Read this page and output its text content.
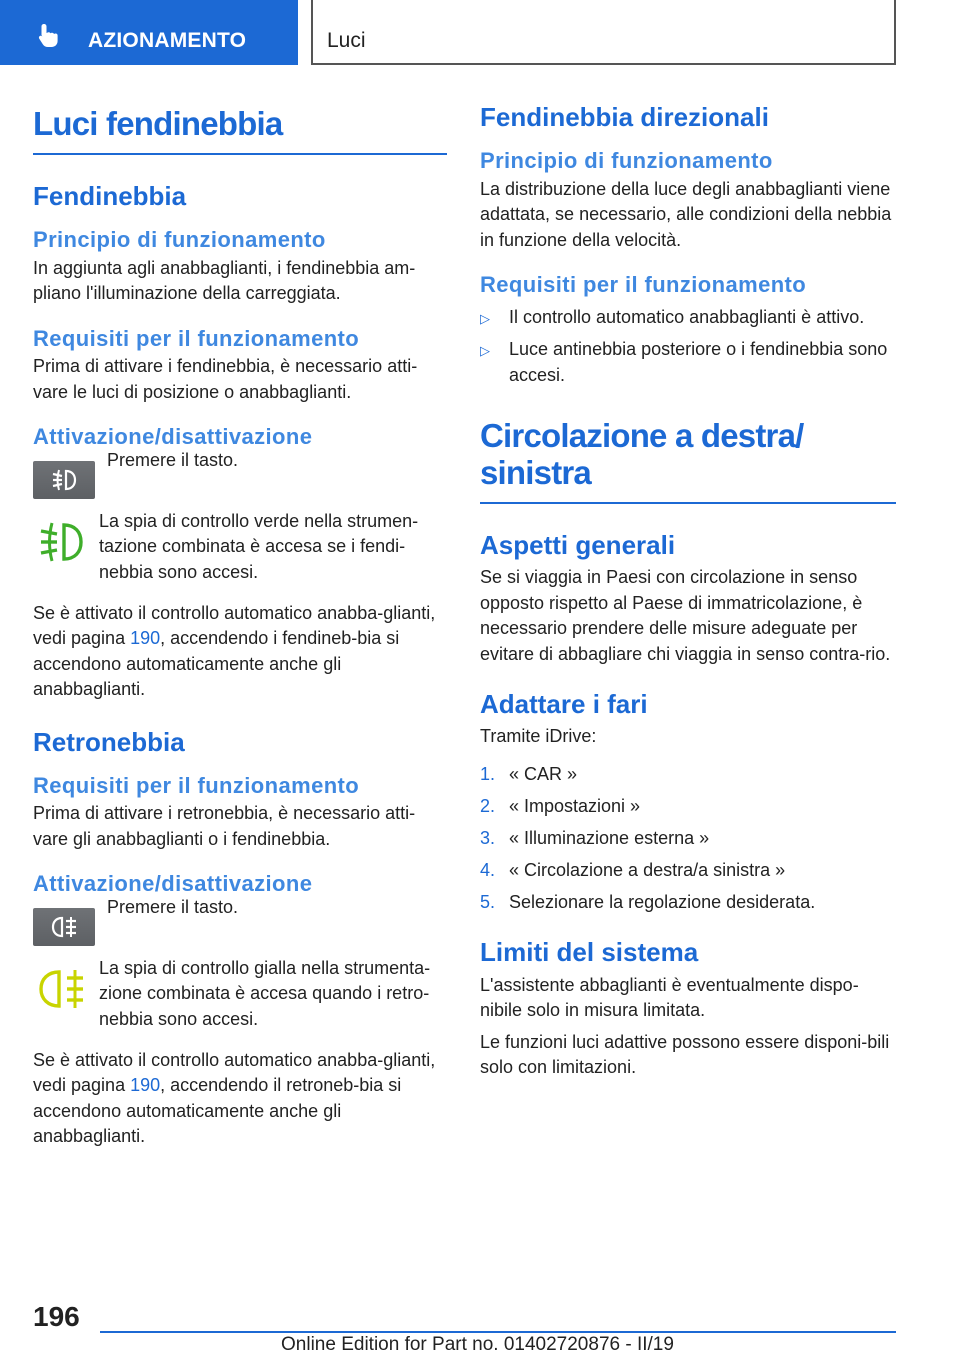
AZIONAMENTO	Luci
Luci fendinebbia
Fendinebbia
Principio di funzionamento
In aggiunta agli anabbaglianti, i fendinebbia am-pliano l'illuminazione della carreggiata.
Requisiti per il funzionamento
Prima di attivare i fendinebbia, è necessario atti-vare le luci di posizione o anabbaglianti.
Attivazione/disattivazione
Premere il tasto.
La spia di controllo verde nella strumen-tazione combinata è accesa se i fendi-nebbia sono accesi.
Se è attivato il controllo automatico anabba-glianti, vedi pagina 190, accendendo i fendineb-bia si accendono automaticamente anche gli anabbaglianti.
Retronebbia
Requisiti per il funzionamento
Prima di attivare i retronebbia, è necessario atti-vare gli anabbaglianti o i fendinebbia.
Attivazione/disattivazione
Premere il tasto.
La spia di controllo gialla nella strumenta-zione combinata è accesa quando i retro-nebbia sono accesi.
Se è attivato il controllo automatico anabba-glianti, vedi pagina 190, accendendo il retroneb-bia si accendono automaticamente anche gli anabbaglianti.
Fendinebbia direzionali
Principio di funzionamento
La distribuzione della luce degli anabbaglianti viene adattata, se necessario, alle condizioni della nebbia in funzione della velocità.
Requisiti per il funzionamento
▷ Il controllo automatico anabbaglianti è attivo.
▷ Luce antinebbia posteriore o i fendinebbia sono accesi.
Circolazione a destra/
sinistra
Aspetti generali
Se si viaggia in Paesi con circolazione in senso opposto rispetto al Paese di immatricolazione, è necessario prendere delle misure adeguate per evitare di abbagliare chi viaggia in senso contra-rio.
Adattare i fari
Tramite iDrive:
1. « CAR »
2. « Impostazioni »
3. « Illuminazione esterna »
4. « Circolazione a destra/a sinistra »
5. Selezionare la regolazione desiderata.
Limiti del sistema
L'assistente abbaglianti è eventualmente dispo-nibile solo in misura limitata.
Le funzioni luci adattive possono essere disponi-bili solo con limitazioni.
196
Online Edition for Part no. 01402720876 - II/19
